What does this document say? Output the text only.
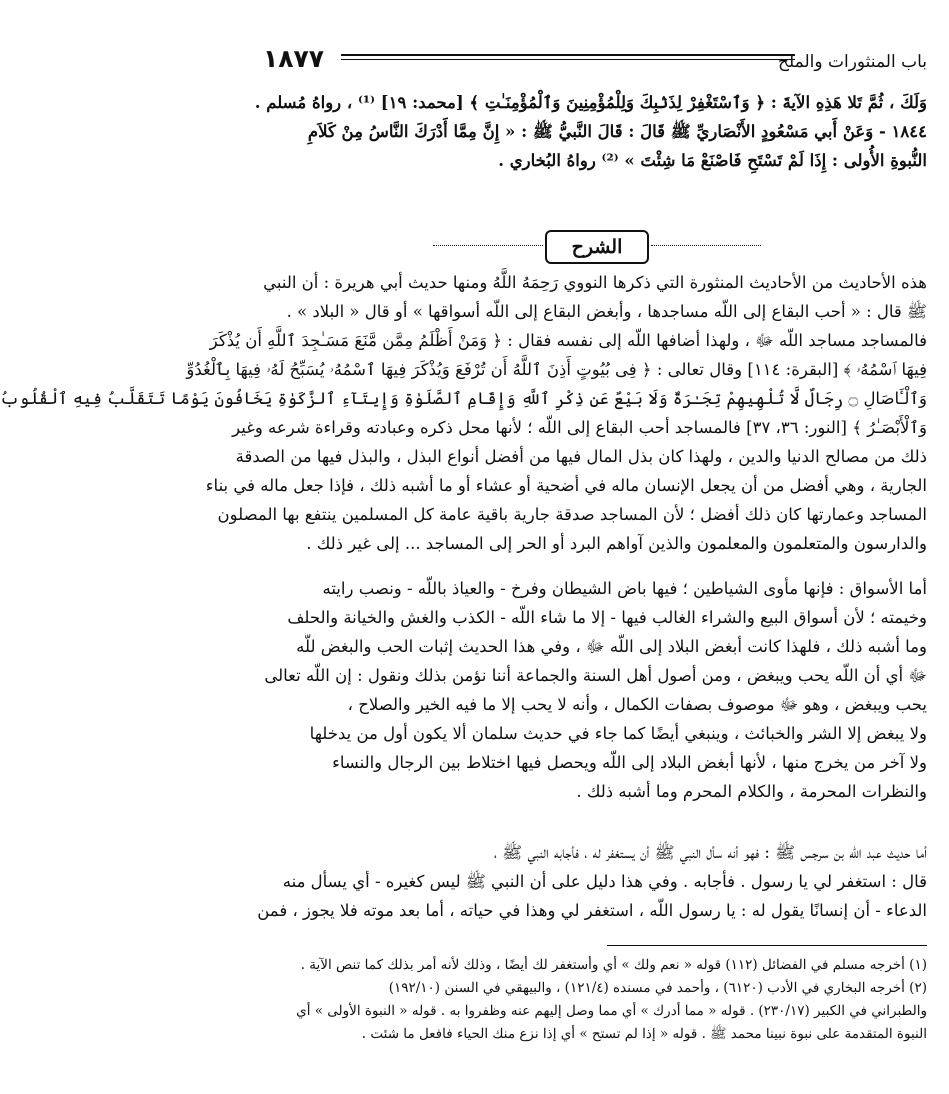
باب المنثورات والملح
١٨٧٧
وَلَكَ ، ثُمَّ تَلا هَذِهِ الآيةَ : ﴿ وَٱسْتَغْفِرْ لِذَنۢبِكَ وَلِلْمُؤْمِنِينَ وَٱلْمُؤْمِنَـٰتِ ﴾ [محمد: ١٩] ⁽¹⁾ ، رواهُ مُسلم .
١٨٤٤ - وَعَنْ أَبي مَسْعُودٍ الأَنْصَاريِّ ﷺ قَالَ : قَالَ النَّبيُّ ﷺ : « إِنَّ مِمَّا أَدْرَكَ النَّاسُ مِنْ كَلاَمِ
النُّبوةِ الأُولى : إِذَا لَمْ تَسْتَحِ فَاصْنَعْ مَا شِئْتَ » ⁽²⁾ رواهُ البُخاري .
الشرح
هذه الأحاديث من الأحاديث المنثورة التي ذكرها النووي رَحِمَهُ اللَّهُ ومنها حديث أبي هريرة : أن النبي
ﷺ قال : « أحب البقاع إلى اللّه مساجدها ، وأبغض البقاع إلى اللّه أسواقها » أو قال « البلاد » .
فالمساجد مساجد اللّه ﷻ ، ولهذا أضافها اللّه إلى نفسه فقال : ﴿ وَمَنْ أَظْلَمُ مِمَّن مَّنَعَ مَسَـٰجِدَ ٱللَّهِ أَن يُذْكَرَ
فِيهَا ٱسْمُهُۥ ﴾ [البقرة: ١١٤] وقال تعالى : ﴿ فِى بُيُوتٍ أَذِنَ ٱللَّهُ أَن تُرْفَعَ وَيُذْكَرَ فِيهَا ٱسْمُهُۥ يُسَبِّحُ لَهُۥ فِيهَا بِٱلْغُدُوِّ
وَٱلْـَٔاصَالِ ۝ رِجَالٌ لَّا تُلْهِيهِمْ تِجَـٰرَةٌ وَلَا بَيْعٌ عَن ذِكْرِ ٱللَّهِ وَإِقَامِ ٱلصَّلَوٰةِ وَإِيتَآءِ ٱلزَّكَوٰةِ يَخَافُونَ يَوْمًا تَتَقَلَّبُ فِيهِ ٱلْقُلُوبُ
وَٱلْأَبْصَـٰرُ ﴾ [النور: ٣٦، ٣٧] فالمساجد أحب البقاع إلى اللّه ؛ لأنها محل ذكره وعبادته وقراءة شرعه وغير
ذلك من مصالح الدنيا والدين ، ولهذا كان بذل المال فيها من أفضل أنواع البذل ، والبذل فيها من الصدقة
الجارية ، وهي أفضل من أن يجعل الإنسان ماله في أضحية أو عشاء أو ما أشبه ذلك ، فإذا جعل ماله في بناء
المساجد وعمارتها كان ذلك أفضل ؛ لأن المساجد صدقة جارية باقية عامة كل المسلمين ينتفع بها المصلون
والدارسون والمتعلمون والمعلمون والذين آواهم البرد أو الحر إلى المساجد ... إلى غير ذلك .
أما الأسواق : فإنها مأوى الشياطين ؛ فيها باض الشيطان وفرخ - والعياذ باللّه - ونصب رايته
وخيمته ؛ لأن أسواق البيع والشراء الغالب فيها - إلا ما شاء اللّه - الكذب والغش والخيانة والحلف
وما أشبه ذلك ، فلهذا كانت أبغض البلاد إلى اللّه ﷻ ، وفي هذا الحديث إثبات الحب والبغض للّه
ﷻ أي أن اللّه يحب ويبغض ، ومن أصول أهل السنة والجماعة أننا نؤمن بذلك ونقول : إن اللّه تعالى
يحب ويبغض ، وهو ﷻ موصوف بصفات الكمال ، وأنه لا يحب إلا ما فيه الخير والصلاح ،
ولا يبغض إلا الشر والخبائث ، وينبغي أيضًا كما جاء في حديث سلمان ألا يكون أول من يدخلها
ولا آخر من يخرج منها ، لأنها أبغض البلاد إلى اللّه ويحصل فيها اختلاط بين الرجال والنساء
والنظرات المحرمة ، والكلام المحرم وما أشبه ذلك .
أما حديث عبد اللّه بن سرجس ﷺ : فهو أنه سأل النبي ﷺ أن يستغفر له ، فأجابه النبي ﷺ ،
قال : استغفر لي يا رسول . فأجابه . وفي هذا دليل على أن النبي ﷺ ليس كغيره - أي يسأل منه
الدعاء - أن إنسانًا يقول له : يا رسول اللّه ، استغفر لي وهذا في حياته ، أما بعد موته فلا يجوز ، فمن
(١) أخرجه مسلم في الفضائل (١١٢) قوله « نعم ولك » أي وأستغفر لك أيضًا ، وذلك لأنه أمر بذلك كما تنص الآية .
(٢) أخرجه البخاري في الأدب (٦١٢٠) ، وأحمد في مسنده (١٢١/٤) ، والبيهقي في السنن (١٩٢/١٠)
والطبراني في الكبير (٢٣٠/١٧) . قوله « مما أدرك » أي مما وصل إليهم عنه وظفروا به . قوله « النبوة الأولى » أي
النبوة المتقدمة على نبوة نبينا محمد ﷺ . قوله « إذا لم تستح » أي إذا نزع منك الحياء فافعل ما شئت .
